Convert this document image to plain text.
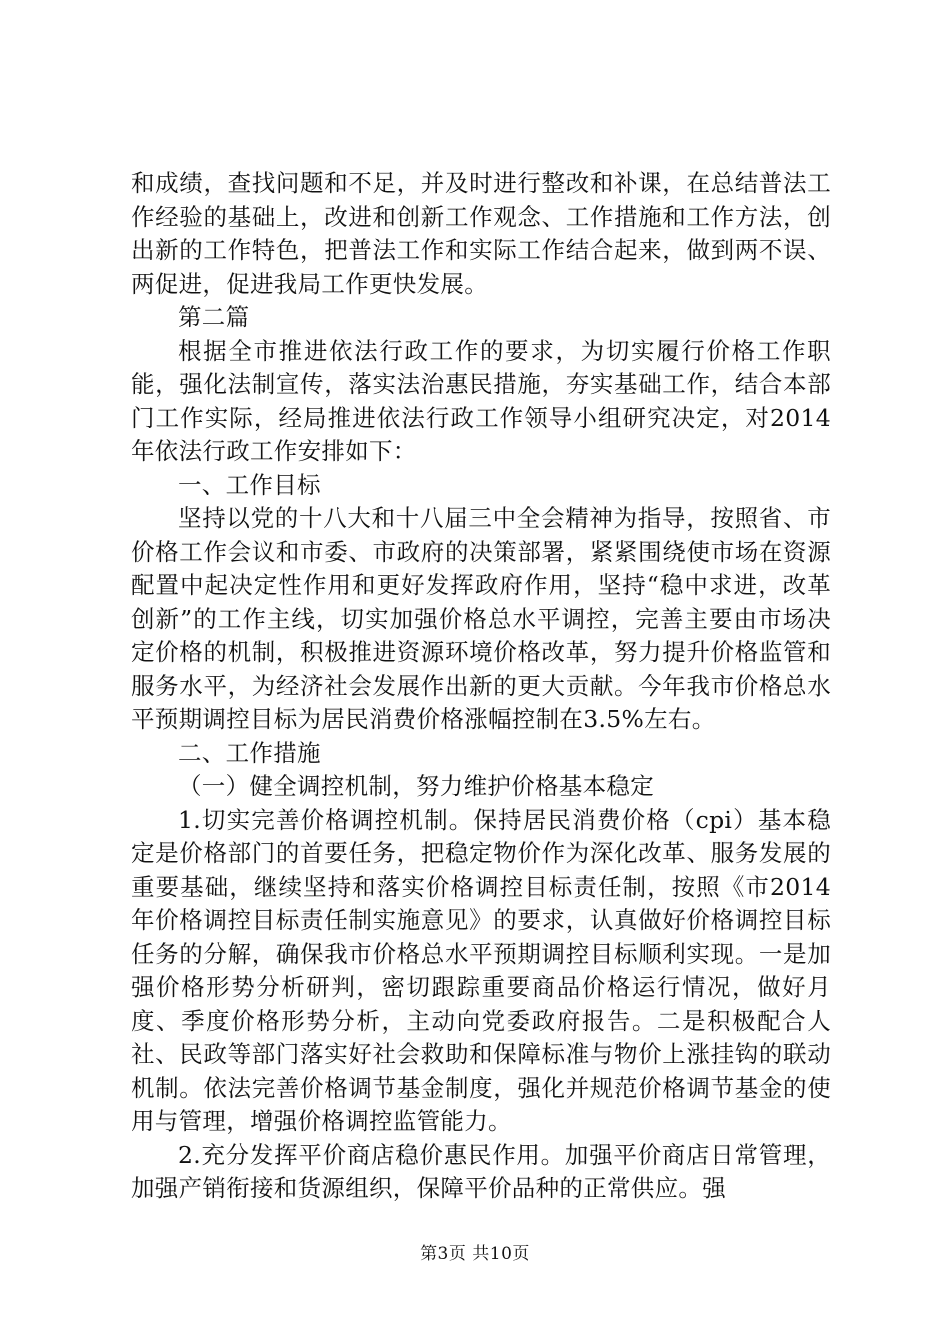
和成绩，查找问题和不足，并及时进行整改和补课，在总结普法工作经验的基础上，改进和创新工作观念、工作措施和工作方法，创出新的工作特色，把普法工作和实际工作结合起来，做到两不误、两促进，促进我局工作更快发展。

第二篇

根据全市推进依法行政工作的要求，为切实履行价格工作职能，强化法制宣传，落实法治惠民措施，夯实基础工作，结合本部门工作实际，经局推进依法行政工作领导小组研究决定，对2014年依法行政工作安排如下：

一、工作目标

坚持以党的十八大和十八届三中全会精神为指导，按照省、市价格工作会议和市委、市政府的决策部署，紧紧围绕使市场在资源配置中起决定性作用和更好发挥政府作用，坚持“稳中求进，改革创新”的工作主线，切实加强价格总水平调控，完善主要由市场决定价格的机制，积极推进资源环境价格改革，努力提升价格监管和服务水平，为经济社会发展作出新的更大贡献。今年我市价格总水平预期调控目标为居民消费价格涨幅控制在3.5%左右。

二、工作措施

（一）健全调控机制，努力维护价格基本稳定

1.切实完善价格调控机制。保持居民消费价格（cpi）基本稳定是价格部门的首要任务，把稳定物价作为深化改革、服务发展的重要基础，继续坚持和落实价格调控目标责任制，按照《市2014年价格调控目标责任制实施意见》的要求，认真做好价格调控目标任务的分解，确保我市价格总水平预期调控目标顺利实现。一是加强价格形势分析研判，密切跟踪重要商品价格运行情况，做好月度、季度价格形势分析，主动向党委政府报告。二是积极配合人社、民政等部门落实好社会救助和保障标准与物价上涨挂钩的联动机制。依法完善价格调节基金制度，强化并规范价格调节基金的使用与管理，增强价格调控监管能力。

2.充分发挥平价商店稳价惠民作用。加强平价商店日常管理，加强产销衔接和货源组织，保障平价品种的正常供应。强

第3页 共10页
